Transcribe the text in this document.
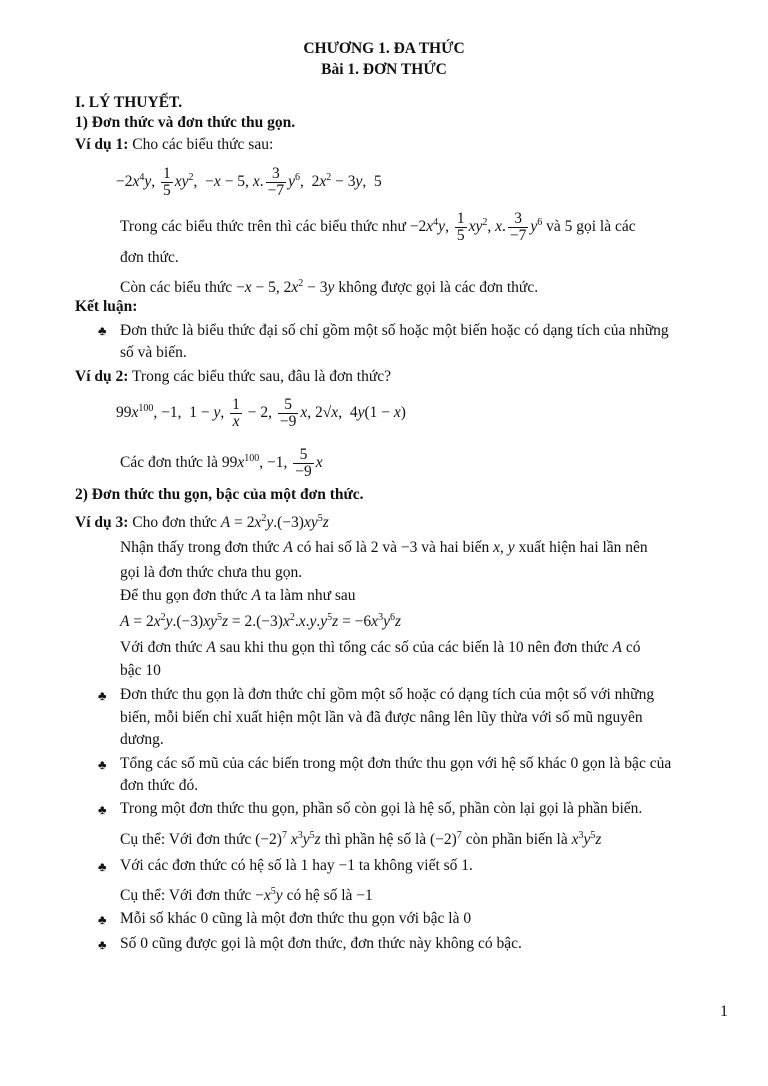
CHƯƠNG 1. ĐA THỨC
Bài 1. ĐƠN THỨC
I. LÝ THUYẾT.
1) Đơn thức và đơn thức thu gọn.
Ví dụ 1: Cho các biểu thức sau:
$-2x^4y$, $\frac{1}{5} xy^2$,  −x − 5, x. $\frac{3}{-7} y^6$,  $2x^2 - 3y$,  5
Trong các biểu thức trên thì các biểu thức như $-2x^4y$, $\frac{1}{5} xy^2$, x. $\frac{3}{-7} y^6$ và 5 gọi là các
đơn thức.
Còn các biểu thức −x − 5, $2x^2 - 3y$ không được gọi là các đơn thức.
Kết luận:
♣ Đơn thức là biểu thức đại số chỉ gồm một số hoặc một biến hoặc có dạng tích của những
số và biến.
Ví dụ 2: Trong các biểu thức sau, đâu là đơn thức?
$99x^{100}$, −1,  1 − y, $\frac{1}{x} - 2$, $\frac{5}{-9} x$, 2√x,  4y(1 − x)
Các đơn thức là $99x^{100}$, −1, $\frac{5}{-9}$ x
2) Đơn thức thu gọn, bậc của một đơn thức.
Ví dụ 3: Cho đơn thức $A = 2x^2y.(-3)xy^5z$
Nhận thấy trong đơn thức A có hai số là 2 và −3 và hai biến x, y xuất hiện hai lần nên
gọi là đơn thức chưa thu gọn.
Để thu gọn đơn thức A ta làm như sau
$A = 2x^2y.(-3)xy^5z = 2.(-3)x^2.x.y.y^5z = -6x^3y^6z$
Với đơn thức A sau khi thu gọn thì tổng các số của các biến là 10 nên đơn thức A có
bậc 10
♣ Đơn thức thu gọn là đơn thức chỉ gồm một số hoặc có dạng tích của một số với những
biến, mỗi biến chỉ xuất hiện một lần và đã được nâng lên lũy thừa với số mũ nguyên
dương.
♣ Tổng các số mũ của các biến trong một đơn thức thu gọn với hệ số khác 0 gọn là bậc của
đơn thức đó.
♣ Trong một đơn thức thu gọn, phần số còn gọi là hệ số, phần còn lại gọi là phần biến.
Cụ thể: Với đơn thức $(-2)^7$ $x^3y^5z$ thì phần hệ số là $(-2)^7$ còn phần biến là $x^3y^5z$
♣ Với các đơn thức có hệ số là 1 hay −1 ta không viết số 1.
Cụ thể: Với đơn thức $-x^5y$ có hệ số là −1
♣ Mỗi số khác 0 cũng là một đơn thức thu gọn với bậc là 0
♣ Số 0 cũng được gọi là một đơn thức, đơn thức này không có bậc.
1
